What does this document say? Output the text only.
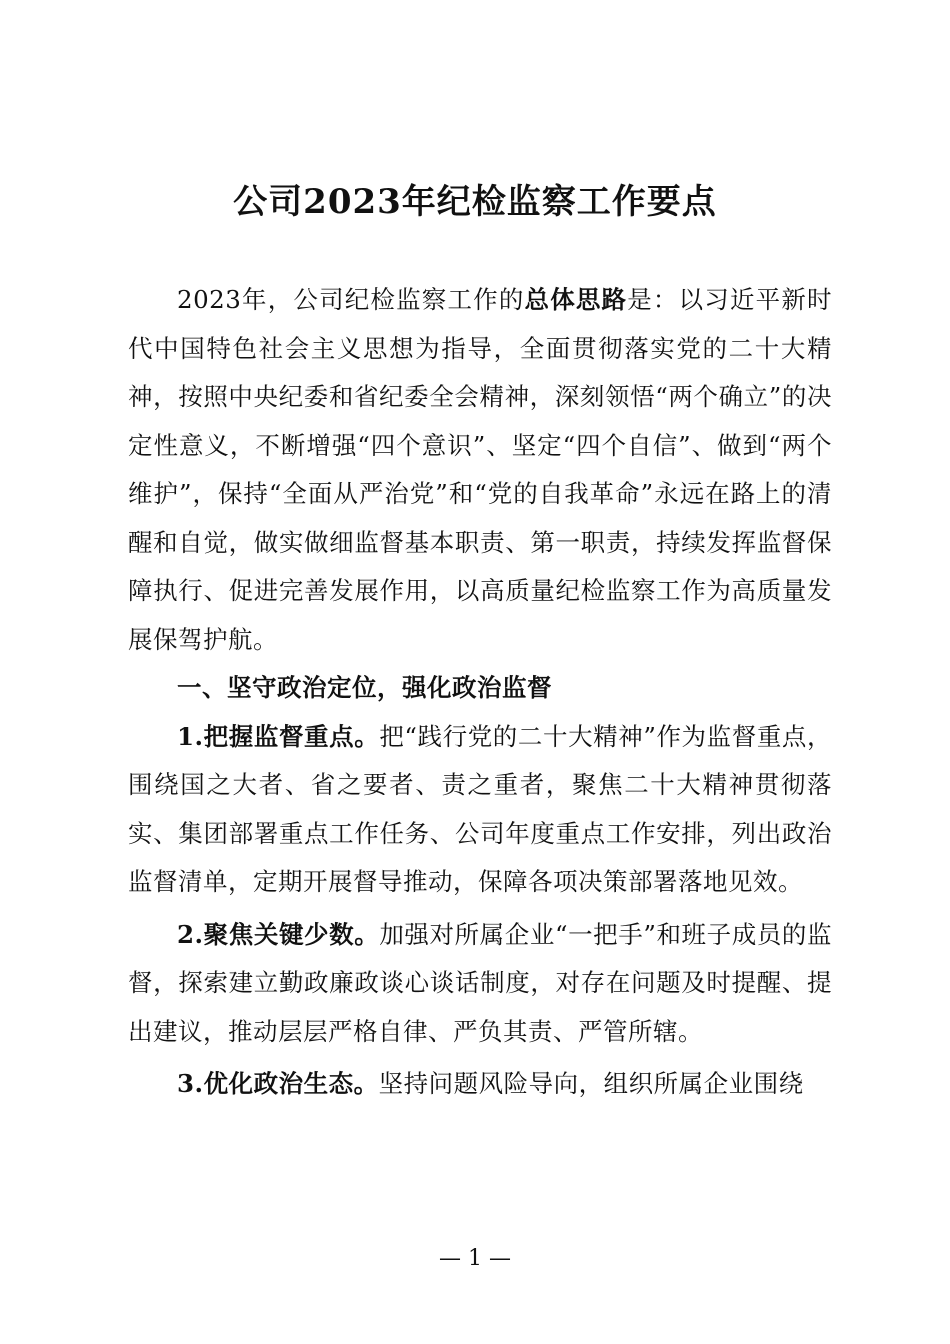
公司2023年纪检监察工作要点

2023年，公司纪检监察工作的总体思路是：以习近平新时代中国特色社会主义思想为指导，全面贯彻落实党的二十大精神，按照中央纪委和省纪委全会精神，深刻领悟“两个确立”的决定性意义，不断增强“四个意识”、坚定“四个自信”、做到“两个维护”，保持“全面从严治党”和“党的自我革命”永远在路上的清醒和自觉，做实做细监督基本职责、第一职责，持续发挥监督保障执行、促进完善发展作用，以高质量纪检监察工作为高质量发展保驾护航。

一、坚守政治定位，强化政治监督

1.把握监督重点。把“践行党的二十大精神”作为监督重点，围绕国之大者、省之要者、责之重者，聚焦二十大精神贯彻落实、集团部署重点工作任务、公司年度重点工作安排，列出政治监督清单，定期开展督导推动，保障各项决策部署落地见效。

2.聚焦关键少数。加强对所属企业“一把手”和班子成员的监督，探索建立勤政廉政谈心谈话制度，对存在问题及时提醒、提出建议，推动层层严格自律、严负其责、严管所辖。

3.优化政治生态。坚持问题风险导向，组织所属企业围绕

— 1 —
